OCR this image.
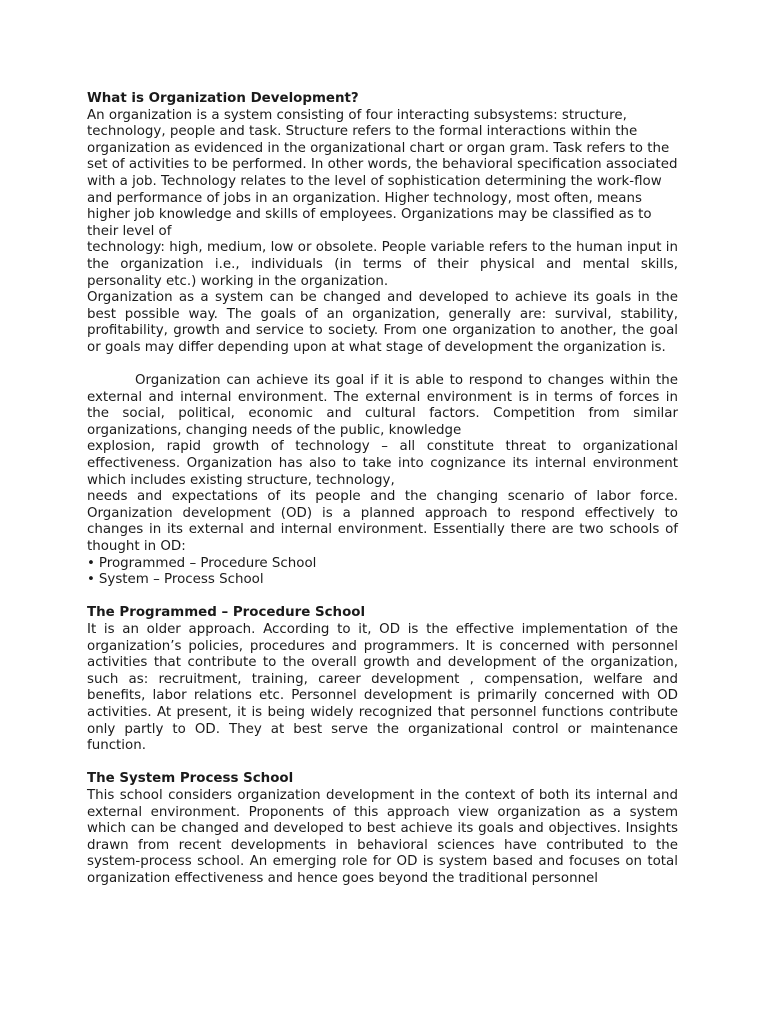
What is Organization Development?

An organization is a system consisting of four interacting subsystems: structure, technology, people and task. Structure refers to the formal interactions within the organization as evidenced in the organizational chart or organ gram. Task refers to the set of activities to be performed. In other words, the behavioral specification associated with a job. Technology relates to the level of sophistication determining the work-flow and performance of jobs in an organization. Higher technology, most often, means higher job knowledge and skills of employees. Organizations may be classified as to their level of

technology: high, medium, low or obsolete. People variable refers to the human input in the organization i.e., individuals (in terms of their physical and mental skills, personality etc.) working in the organization.

Organization as a system can be changed and developed to achieve its goals in the best possible way. The goals of an organization, generally are: survival, stability, profitability, growth and service to society. From one organization to another, the goal or goals may differ depending upon at what stage of development the organization is.

Organization can achieve its goal if it is able to respond to changes within the external and internal environment. The external environment is in terms of forces in the social, political, economic and cultural factors. Competition from similar organizations, changing needs of the public, knowledge

explosion, rapid growth of technology – all constitute threat to organizational effectiveness. Organization has also to take into cognizance its internal environment which includes existing structure, technology,

needs and expectations of its people and the changing scenario of labor force. Organization development (OD) is a planned approach to respond effectively to changes in its external and internal environment. Essentially there are two schools of thought in OD:

• Programmed – Procedure School
• System – Process School
The Programmed – Procedure School

It is an older approach. According to it, OD is the effective implementation of the organization’s policies, procedures and programmers. It is concerned with personnel activities that contribute to the overall growth and development of the organization, such as: recruitment, training, career development , compensation, welfare and benefits, labor relations etc. Personnel development is primarily concerned with OD activities. At present, it is being widely recognized that personnel functions contribute only partly to OD. They at best serve the organizational control or maintenance function.

The System Process School

This school considers organization development in the context of both its internal and external environment. Proponents of this approach view organization as a system which can be changed and developed to best achieve its goals and objectives. Insights drawn from recent developments in behavioral sciences have contributed to the system-process school. An emerging role for OD is system based and focuses on total organization effectiveness and hence goes beyond the traditional personnel
